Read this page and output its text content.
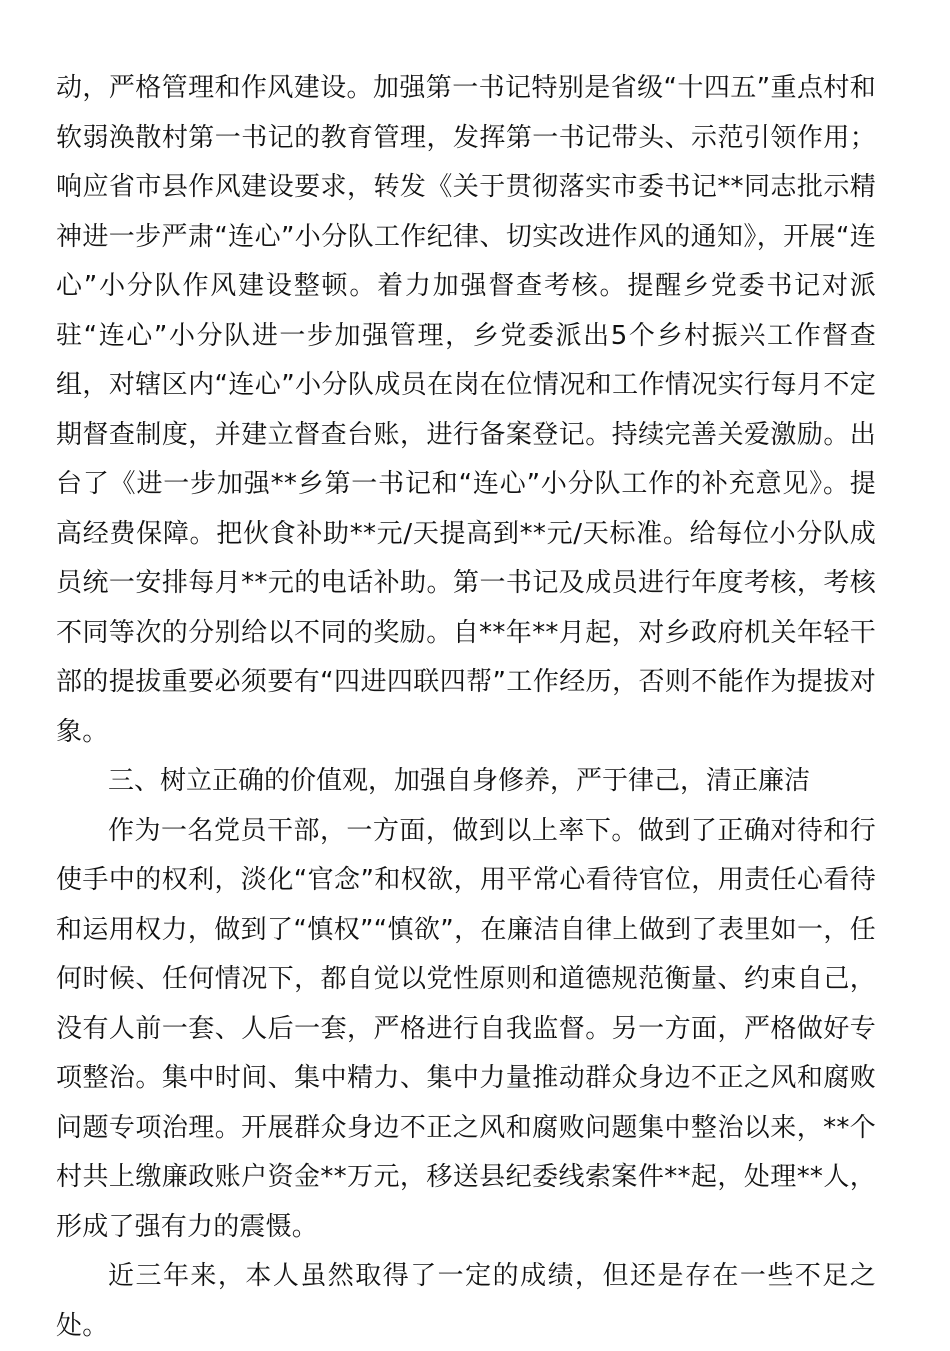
动，严格管理和作风建设。加强第一书记特别是省级“十四五”重点村和软弱涣散村第一书记的教育管理，发挥第一书记带头、示范引领作用；响应省市县作风建设要求，转发《关于贯彻落实市委书记**同志批示精神进一步严肃“连心”小分队工作纪律、切实改进作风的通知》，开展“连心”小分队作风建设整顿。着力加强督查考核。提醒乡党委书记对派驻“连心”小分队进一步加强管理，乡党委派出5个乡村振兴工作督查组，对辖区内“连心”小分队成员在岗在位情况和工作情况实行每月不定期督查制度，并建立督查台账，进行备案登记。持续完善关爱激励。出台了《进一步加强**乡第一书记和“连心”小分队工作的补充意见》。提高经费保障。把伙食补助**元/天提高到**元/天标准。给每位小分队成员统一安排每月**元的电话补助。第一书记及成员进行年度考核，考核不同等次的分别给以不同的奖励。自**年**月起，对乡政府机关年轻干部的提拔重要必须要有“四进四联四帮”工作经历，否则不能作为提拔对象。

三、树立正确的价值观，加强自身修养，严于律己，清正廉洁

作为一名党员干部，一方面，做到以上率下。做到了正确对待和行使手中的权利，淡化“官念”和权欲，用平常心看待官位，用责任心看待和运用权力，做到了“慎权”“慎欲”，在廉洁自律上做到了表里如一，任何时候、任何情况下，都自觉以党性原则和道德规范衡量、约束自己，没有人前一套、人后一套，严格进行自我监督。另一方面，严格做好专项整治。集中时间、集中精力、集中力量推动群众身边不正之风和腐败问题专项治理。开展群众身边不正之风和腐败问题集中整治以来，**个村共上缴廉政账户资金**万元，移送县纪委线索案件**起，处理**人，形成了强有力的震慑。

近三年来，本人虽然取得了一定的成绩，但还是存在一些不足之处。
